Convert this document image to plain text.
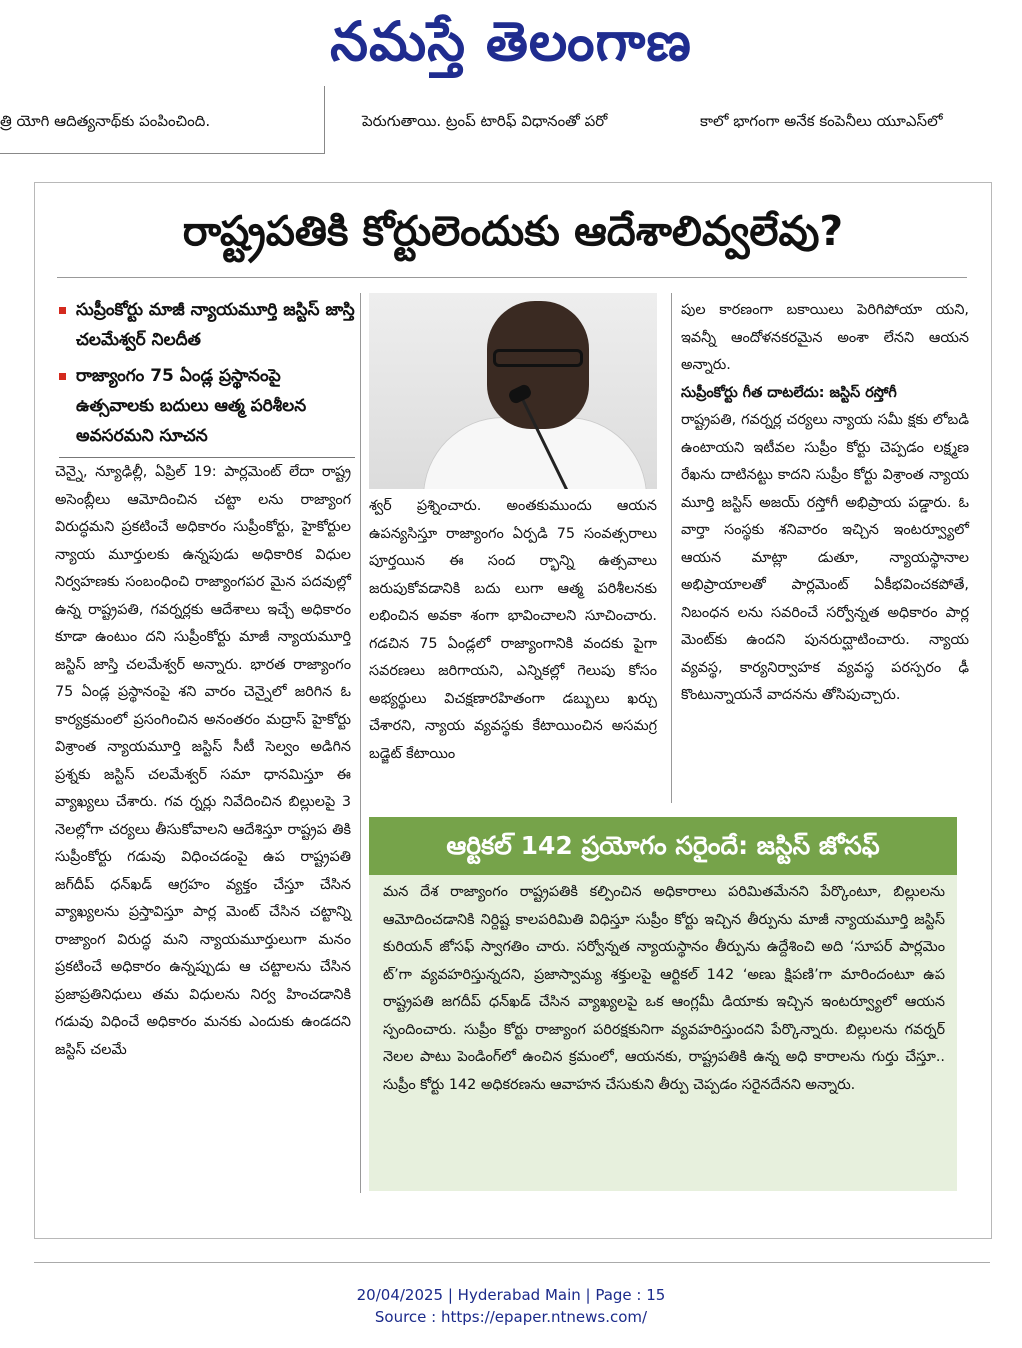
నమస్తే తెలంగాణ
త్రి యోగి ఆదిత్యనాథ్‌కు పంపించింది.	పెరుగుతాయి. ట్రంప్ టారిఫ్ విధానంతో పరో	కాలో భాగంగా అనేక కంపెనీలు యూఎస్‌లో
రాష్ట్రపతికి కోర్టులెందుకు ఆదేశాలివ్వలేవు?
సుప్రీంకోర్టు మాజీ న్యాయమూర్తి జస్టిస్ జాస్తి చలమేశ్వర్ నిలదీత
రాజ్యాంగం 75 ఏండ్ల ప్రస్థానంపై ఉత్సవాలకు బదులు ఆత్మ పరిశీలన అవసరమని సూచన
చెన్నై, న్యూఢిల్లీ, ఏప్రిల్ 19: పార్లమెంట్ లేదా రాష్ట్ర అసెంబ్లీలు ఆమోదించిన చట్టా లను రాజ్యాంగ విరుద్ధమని ప్రకటించే అధికారం సుప్రీంకోర్టు, హైకోర్టుల న్యాయ మూర్తులకు ఉన్నపుడు అధికారిక విధుల నిర్వహణకు సంబంధించి రాజ్యాంగపర మైన పదవుల్లో ఉన్న రాష్ట్రపతి, గవర్నర్లకు ఆదేశాలు ఇచ్చే అధికారం కూడా ఉంటుం దని సుప్రీంకోర్టు మాజీ న్యాయమూర్తి జస్టిస్ జాస్తి చలమేశ్వర్ అన్నారు. భారత రాజ్యాంగం 75 ఏండ్ల ప్రస్థానంపై శని వారం చెన్నైలో జరిగిన ఓ కార్యక్రమంలో ప్రసంగించిన అనంతరం మద్రాస్ హైకోర్టు విశ్రాంత న్యాయమూర్తి జస్టిస్ సీటీ సెల్వం అడిగిన ప్రశ్నకు జస్టిస్ చలమేశ్వర్ సమా ధానమిస్తూ ఈ వ్యాఖ్యలు చేశారు. గవ ర్నర్లు నివేదించిన బిల్లులపై 3 నెలల్లోగా చర్యలు తీసుకోవాలని ఆదేశిస్తూ రాష్ట్రప తికి సుప్రీంకోర్టు గడువు విధించడంపై ఉప రాష్ట్రపతి జగ్‌దీప్ ధన్‌ఖడ్ ఆగ్రహం వ్యక్తం చేస్తూ చేసిన వ్యాఖ్యలను ప్రస్తావిస్తూ పార్ల మెంట్ చేసిన చట్టాన్ని రాజ్యాంగ విరుద్ధ మని న్యాయమూర్తులుగా మనం ప్రకటించే అధికారం ఉన్నప్పుడు ఆ చట్టాలను చేసిన ప్రజాప్రతినిధులు తమ విధులను నిర్వ హించడానికి గడువు విధించే అధికారం మనకు ఎందుకు ఉండదని జస్టిస్ చలమే
శ్వర్ ప్రశ్నించారు. అంతకుముందు ఆయన ఉపన్యసిస్తూ రాజ్యాంగం ఏర్పడి 75 సంవత్సరాలు పూర్తయిన ఈ సంద ర్భాన్ని ఉత్సవాలు జరుపుకోవడానికి బదు లుగా ఆత్మ పరిశీలనకు లభించిన అవకా శంగా భావించాలని సూచించారు. గడచిన 75 ఏండ్లలో రాజ్యాంగానికి వందకు పైగా సవరణలు జరిగాయని, ఎన్నికల్లో గెలుపు కోసం అభ్యర్థులు విచక్షణారహితంగా డబ్బులు ఖర్చు చేశారని, న్యాయ వ్యవస్థకు కేటాయించిన అసమగ్ర బడ్జెట్ కేటాయిం
పుల కారణంగా బకాయిలు పెరిగిపోయా యని, ఇవన్నీ ఆందోళనకరమైన అంశా లేనని ఆయన అన్నారు.
సుప్రీంకోర్టు గీత దాటలేదు: జస్టిస్ రస్తోగీ
రాష్ట్రపతి, గవర్నర్ల చర్యలు న్యాయ సమీ క్షకు లోబడి ఉంటాయని ఇటీవల సుప్రీం కోర్టు చెప్పడం లక్ష్మణ రేఖను దాటినట్టు కాదని సుప్రీం కోర్టు విశ్రాంత న్యాయ మూర్తి జస్టిస్ అజయ్ రస్తోగీ అభిప్రాయ పడ్డారు. ఓ వార్తా సంస్థకు శనివారం ఇచ్చిన ఇంటర్వ్యూలో ఆయన మాట్లా డుతూ, న్యాయస్థానాల అభిప్రాయాలతో పార్లమెంట్ ఏకీభవించకపోతే, నిబంధన లను సవరించే సర్వోన్నత అధికారం పార్ల మెంట్‌కు ఉందని పునరుద్ఘాటించారు. న్యాయ వ్యవస్థ, కార్యనిర్వాహక వ్యవస్థ పరస్పరం ఢీ కొంటున్నాయనే వాదనను తోసిపుచ్చారు.
ఆర్టికల్ 142 ప్రయోగం సరైందే: జస్టిస్ జోసఫ్
మన దేశ రాజ్యాంగం రాష్ట్రపతికి కల్పించిన అధికారాలు పరిమితమేనని పేర్కొంటూ, బిల్లులను ఆమోదించడానికి నిర్దిష్ట కాలపరిమితి విధిస్తూ సుప్రీం కోర్టు ఇచ్చిన తీర్పును మాజీ న్యాయమూర్తి జస్టిస్ కురియన్ జోసఫ్ స్వాగతిం చారు. సర్వోన్నత న్యాయస్థానం తీర్పును ఉద్దేశించి అది ‘సూపర్ పార్లమెం ట్’గా వ్యవహరిస్తున్నదని, ప్రజాస్వామ్య శక్తులపై ఆర్టికల్ 142 ‘అణు క్షిపణి’గా మారిందంటూ ఉప రాష్ట్రపతి జగదీప్ ధన్‌ఖడ్ చేసిన వ్యాఖ్యలపై ఒక ఆంగ్లమీ డియాకు ఇచ్చిన ఇంటర్వ్యూలో ఆయన స్పందించారు. సుప్రీం కోర్టు రాజ్యాంగ పరిరక్షకునిగా వ్యవహరిస్తుందని పేర్కొన్నారు. బిల్లులను గవర్నర్ నెలల పాటు పెండింగ్‌లో ఉంచిన క్రమంలో, ఆయనకు, రాష్ట్రపతికి ఉన్న అధి కారాలను గుర్తు చేస్తూ.. సుప్రీం కోర్టు 142 అధికరణను ఆవాహన చేసుకుని తీర్పు చెప్పడం సరైనదేనని అన్నారు.
20/04/2025 | Hyderabad Main | Page : 15
Source : https://epaper.ntnews.com/
